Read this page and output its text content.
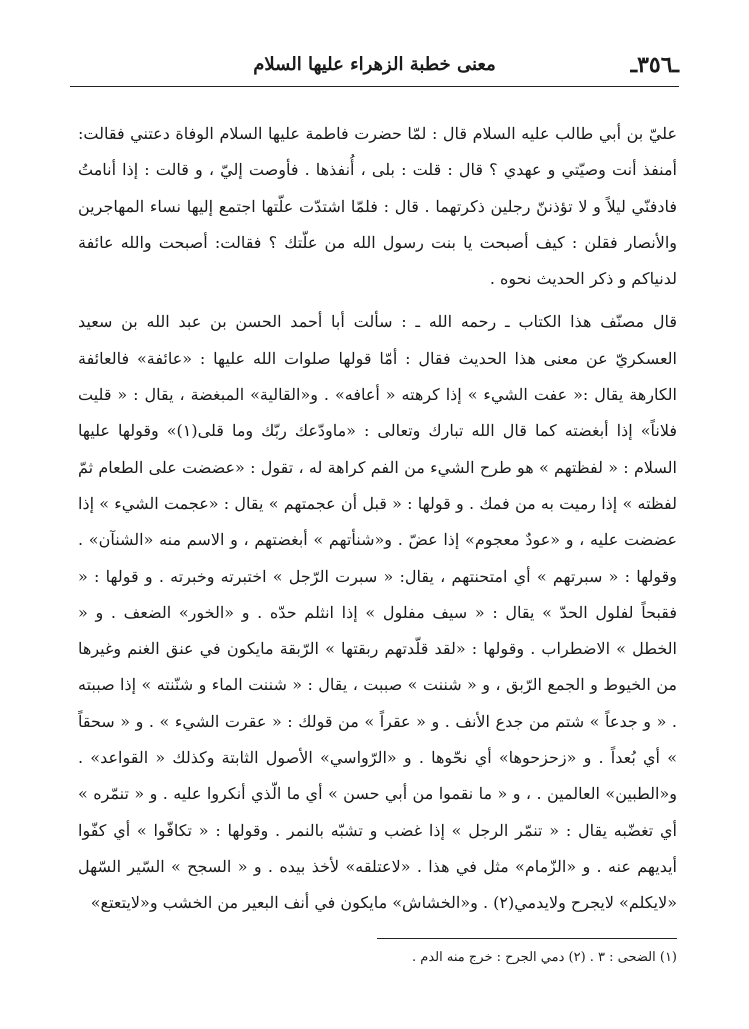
ـ٣٥٦ـ
معنى خطبة الزهراء عليها السلام

عليّ بن أبي طالب عليه السلام قال : لمّا حضرت فاطمة عليها السلام الوفاة دعتني فقالت: أمنفذ أنت وصيّتي و عهدي ؟ قال : قلت : بلى ، أُنفذها . فأوصت إليّ ، و قالت : إذا أنامتُ فادفنّي ليلاً و لا تؤذننّ رجلين ذكرتهما . قال : فلمّا اشتدّت علّتها اجتمع إليها نساء المهاجرين والأنصار فقلن : كيف أصبحت يا بنت رسول الله من علّتك ؟ فقالت: أصبحت والله عائفة لدنياكم و ذكر الحديث نحوه .

قال مصنّف هذا الكتاب ـ رحمه الله ـ : سألت أبا أحمد الحسن بن عبد الله بن سعيد العسكريّ عن معنى هذا الحديث فقال : أمّا قولها صلوات الله عليها : «عائفة» فالعائفة الكارهة يقال :« عفت الشيء » إذا كرهته « أعافه» . و«القالية» المبغضة ، يقال : « قليت فلاناً» إذا أبغضته كما قال الله تبارك وتعالى : «ماودّعك ربّك وما قلى(١)» وقولها عليها السلام : « لفظتهم » هو طرح الشيء من الفم كراهة له ، تقول : «عضضت على الطعام ثمّ لفظته » إذا رميت به من فمك . و قولها : « قبل أن عجمتهم » يقال : «عجمت الشيء » إذا عضضت عليه ، و «عودٌ معجوم» إذا عضّ . و«شنأتهم » أبغضتهم ، و الاسم منه «الشنآن» . وقولها : « سبرتهم » أي امتحنتهم ، يقال: « سبرت الرّجل » اختبرته وخبرته . و قولها : « فقبحاً لفلول الحدّ » يقال : « سيف مفلول » إذا انثلم حدّه . و «الخور» الضعف . و « الخطل » الاضطراب . وقولها : «لقد قلّدتهم ربقتها » الرّبقة مايكون في عنق الغنم وغيرها من الخيوط و الجمع الرّبق ، و « شننت » صببت ، يقال : « شننت الماء و شنّنته » إذا صببته . « و جدعاً » شتم من جدع الأنف . و « عقراً » من قولك : « عقرت الشيء » . و « سحقاً » أي بُعداً . و «زحزحوها» أي نحّوها . و «الرّواسي» الأصول الثابتة وكذلك « القواعد» . و«الطبين» العالمين . ، و « ما نقموا من أبي حسن » أي ما الّذي أنكروا عليه . و « تنمّره » أي تغضّبه يقال : « تنمّر الرجل » إذا غضب و تشبّه بالنمر . وقولها : « تكافّوا » أي كفّوا أيديهم عنه . و «الزّمام» مثل في هذا . «لاعتلقه» لأخذ بيده . و « السجح » السّير السّهل «لايكلم» لايجرح ولايدمي(٢) . و«الخشاش» مايكون في أنف البعير من الخشب و«لايتعتع»

(١) الضحى : ٣ . (٢) دمي الجرح : خرج منه الدم .
